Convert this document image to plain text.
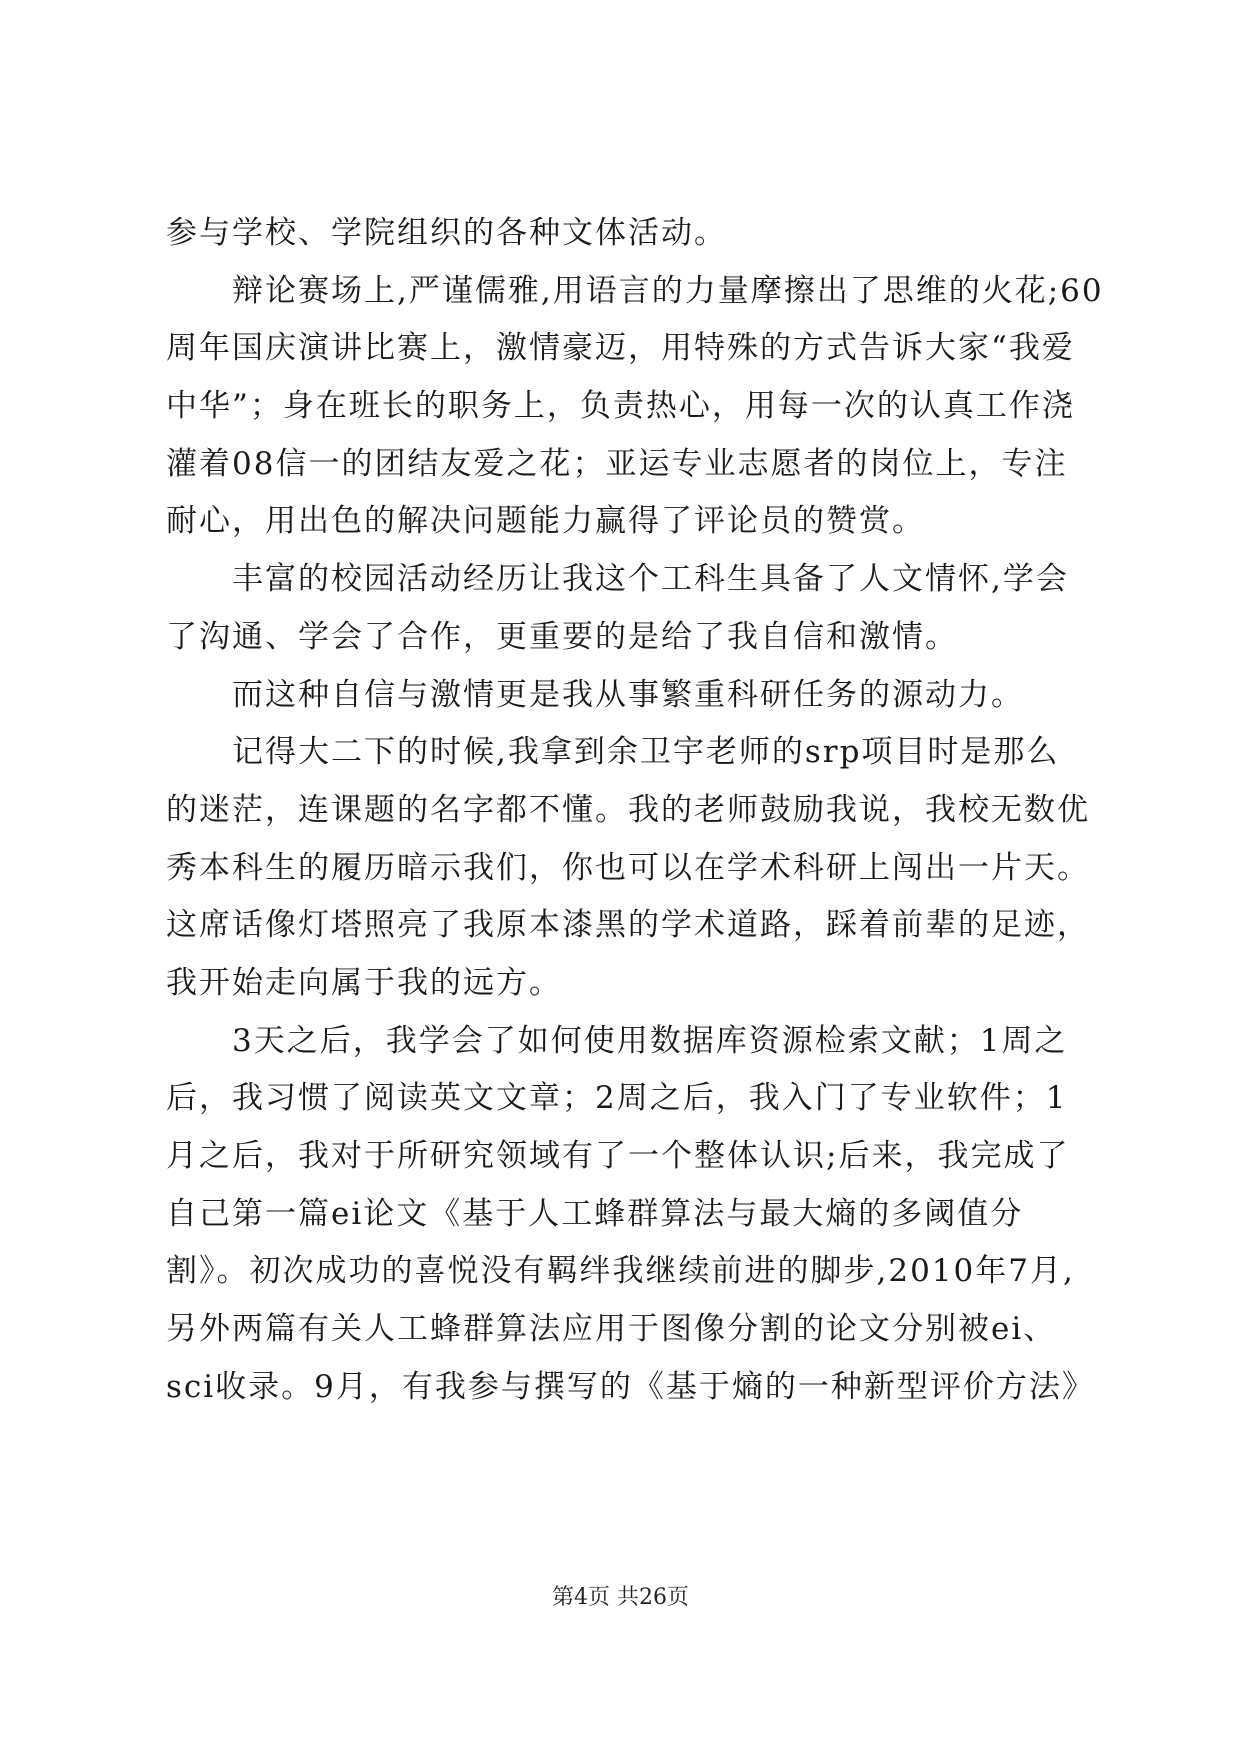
参与学校、学院组织的各种文体活动。
　　辩论赛场上,严谨儒雅,用语言的力量摩擦出了思维的火花;60
周年国庆演讲比赛上，激情豪迈，用特殊的方式告诉大家“我爱
中华”；身在班长的职务上，负责热心，用每一次的认真工作浇
灌着08信一的团结友爱之花；亚运专业志愿者的岗位上，专注
耐心，用出色的解决问题能力赢得了评论员的赞赏。
　　丰富的校园活动经历让我这个工科生具备了人文情怀,学会
了沟通、学会了合作，更重要的是给了我自信和激情。
　　而这种自信与激情更是我从事繁重科研任务的源动力。
　　记得大二下的时候,我拿到余卫宇老师的srp项目时是那么
的迷茫，连课题的名字都不懂。我的老师鼓励我说，我校无数优
秀本科生的履历暗示我们，你也可以在学术科研上闯出一片天。
这席话像灯塔照亮了我原本漆黑的学术道路，踩着前辈的足迹，
我开始走向属于我的远方。
　　3天之后，我学会了如何使用数据库资源检索文献；1周之
后，我习惯了阅读英文文章；2周之后，我入门了专业软件；1
月之后，我对于所研究领域有了一个整体认识;后来，我完成了
自己第一篇ei论文《基于人工蜂群算法与最大熵的多阈值分
割》。初次成功的喜悦没有羁绊我继续前进的脚步,2010年7月,
另外两篇有关人工蜂群算法应用于图像分割的论文分别被ei、
sci收录。9月，有我参与撰写的《基于熵的一种新型评价方法》
第4页 共26页
